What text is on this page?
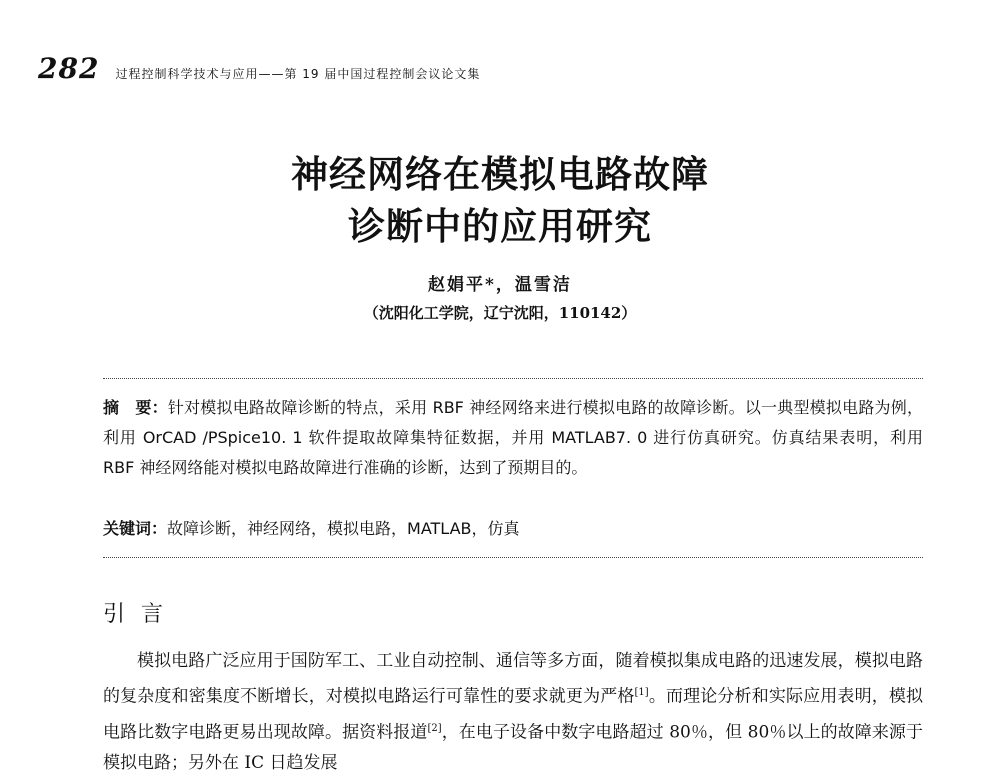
282 过程控制科学技术与应用——第 19 届中国过程控制会议论文集
神经网络在模拟电路故障
诊断中的应用研究
赵娟平*，温雪洁
（沈阳化工学院，辽宁沈阳，110142）
摘　要：针对模拟电路故障诊断的特点，采用 RBF 神经网络来进行模拟电路的故障诊断。以一典型模拟电路为例，利用 OrCAD /PSpice10. 1 软件提取故障集特征数据，并用 MATLAB7. 0 进行仿真研究。仿真结果表明，利用 RBF 神经网络能对模拟电路故障进行准确的诊断，达到了预期目的。
关键词：故障诊断，神经网络，模拟电路，MATLAB，仿真
引言
模拟电路广泛应用于国防军工、工业自动控制、通信等多方面，随着模拟集成电路的迅速发展，模拟电路的复杂度和密集度不断增长，对模拟电路运行可靠性的要求就更为严格[1]。而理论分析和实际应用表明，模拟电路比数字电路更易出现故障。据资料报道[2]，在电子设备中数字电路超过 80％，但 80％以上的故障来源于模拟电路；另外在 IC 日趋发展
